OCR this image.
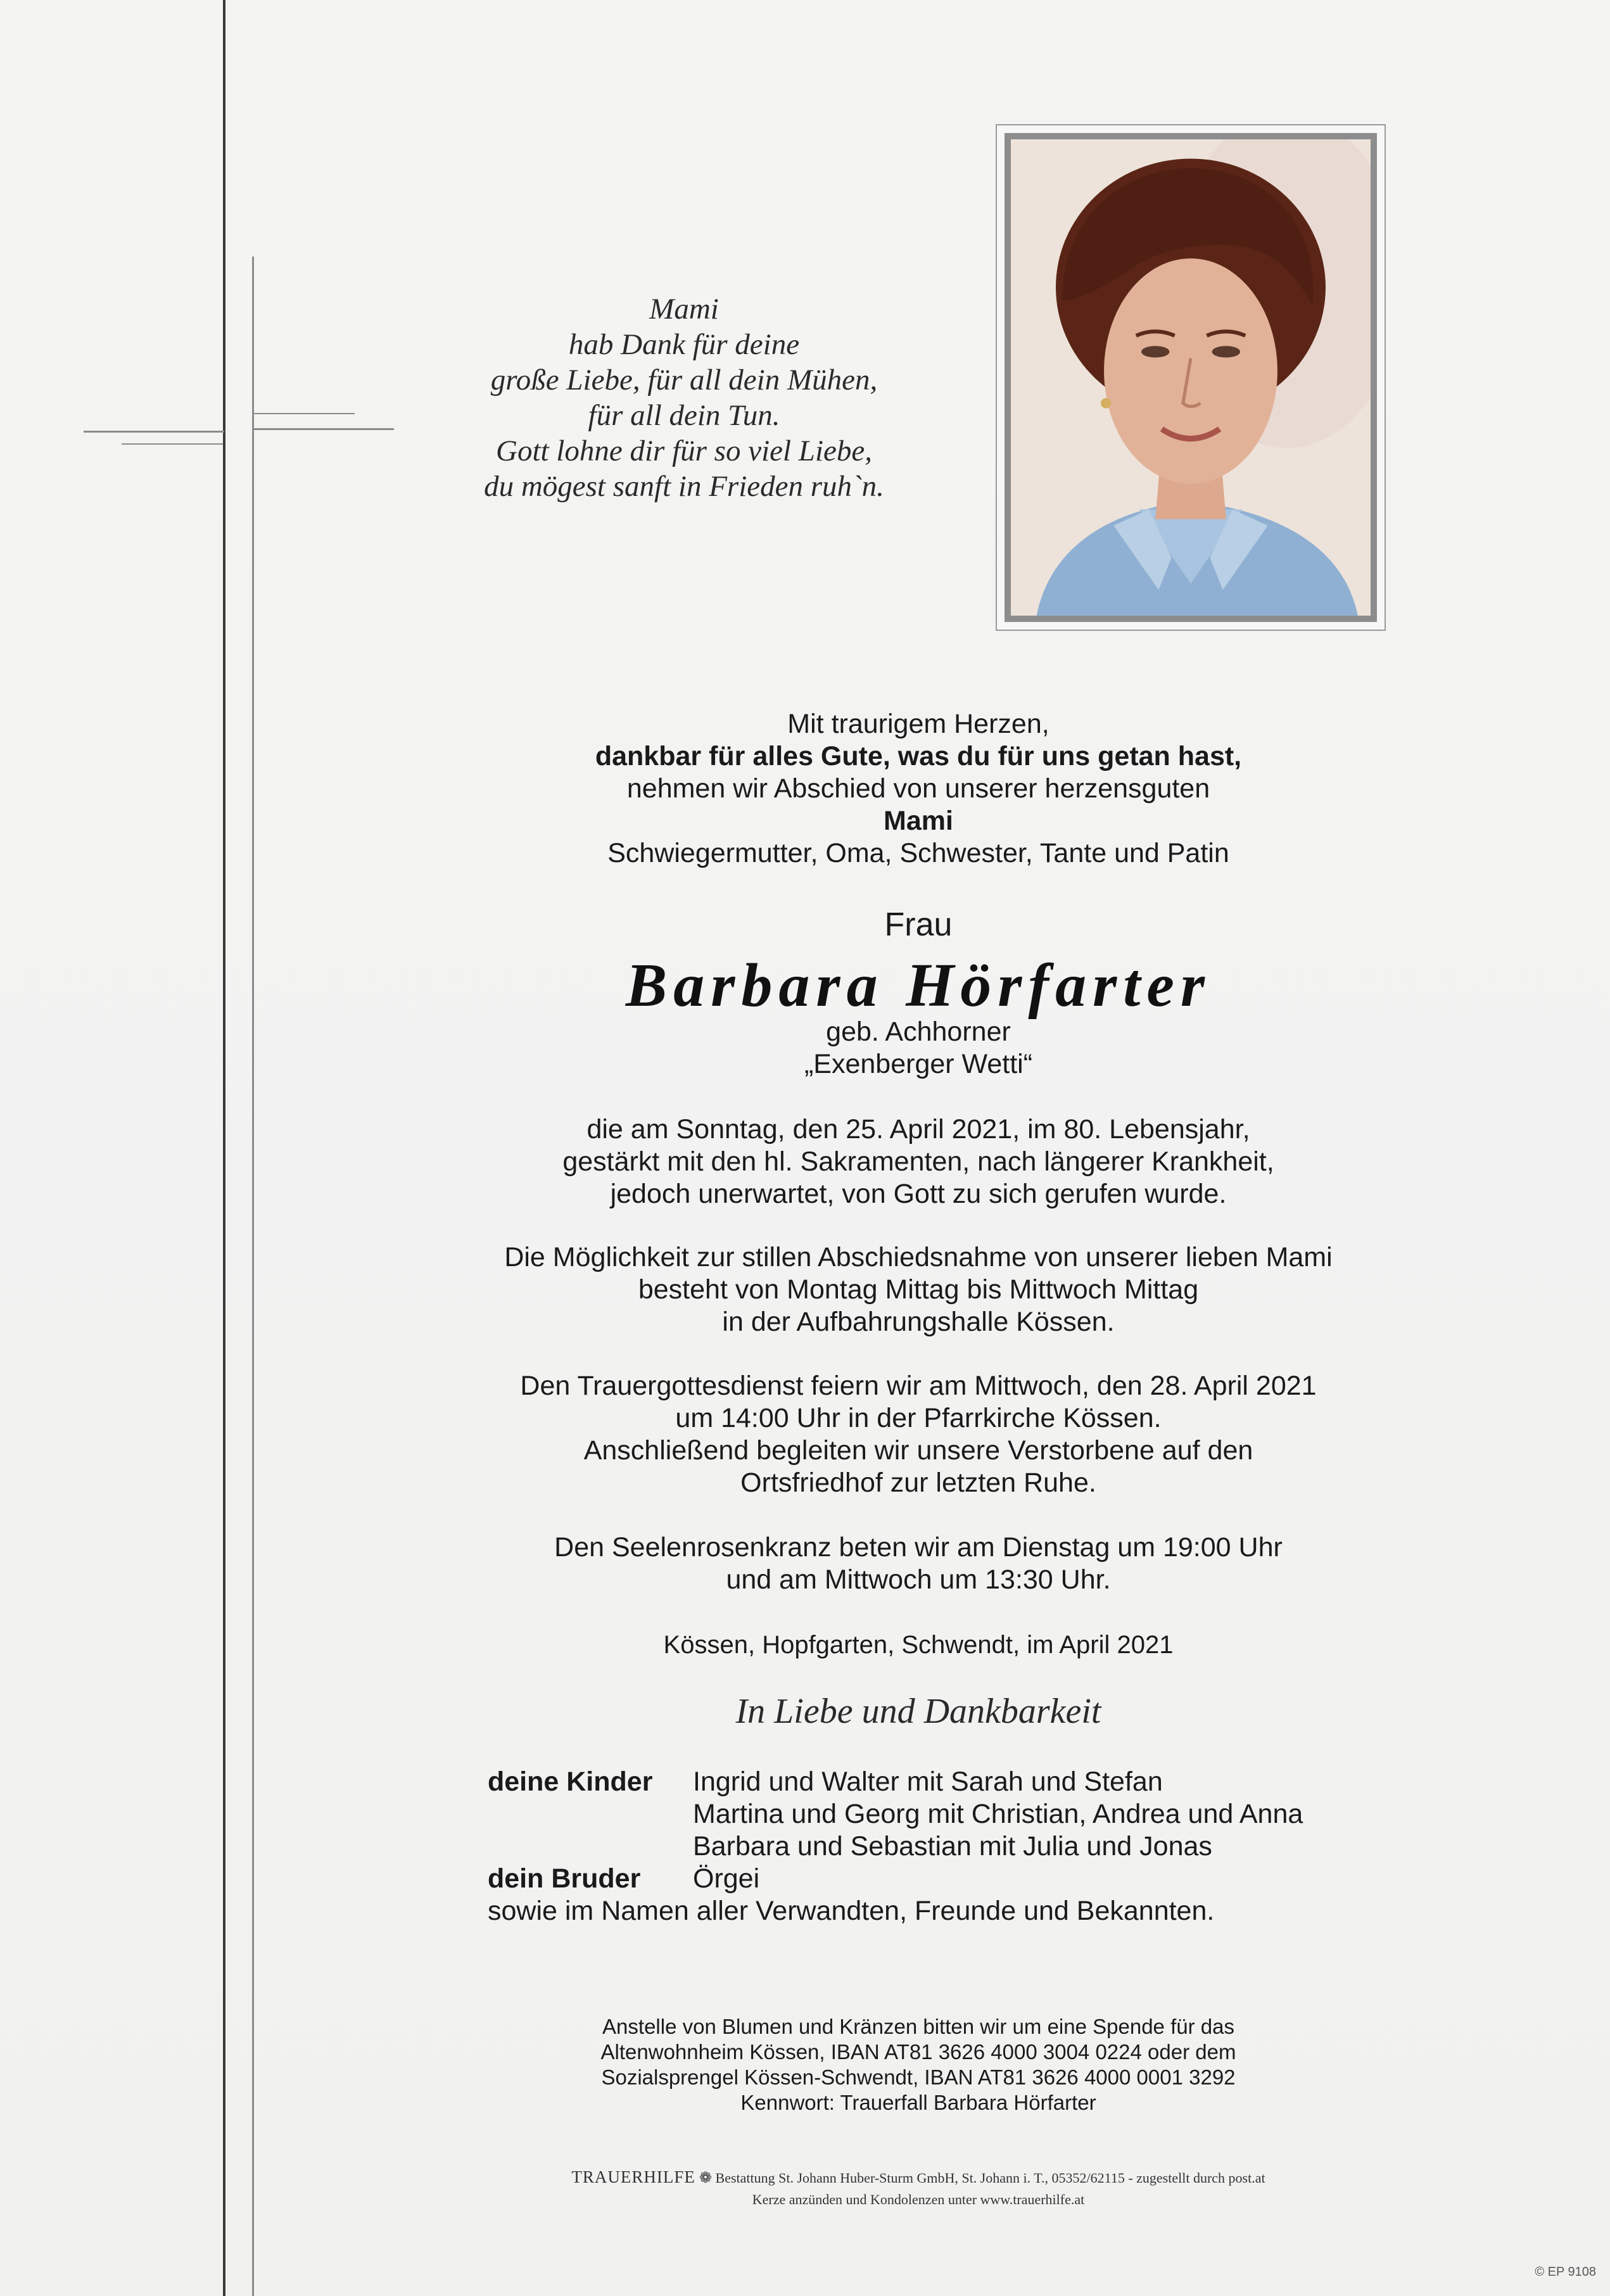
Mami
hab Dank für deine
große Liebe, für all dein Mühen,
für all dein Tun.
Gott lohne dir für so viel Liebe,
du mögest sanft in Frieden ruh`n.
Mit traurigem Herzen,
dankbar für alles Gute, was du für uns getan hast,
nehmen wir Abschied von unserer herzensguten
Mami
Schwiegermutter, Oma, Schwester, Tante und Patin
Frau
Barbara Hörfarter
geb. Achhorner
„Exenberger Wetti“
die am Sonntag, den 25. April 2021, im 80. Lebensjahr,
gestärkt mit den hl. Sakramenten, nach längerer Krankheit,
jedoch unerwartet, von Gott zu sich gerufen wurde.
Die Möglichkeit zur stillen Abschiedsnahme von unserer lieben Mami
besteht von Montag Mittag bis Mittwoch Mittag
in der Aufbahrungshalle Kössen.
Den Trauergottesdienst feiern wir am Mittwoch, den 28. April 2021
um 14:00 Uhr in der Pfarrkirche Kössen.
Anschließend begleiten wir unsere Verstorbene auf den
Ortsfriedhof zur letzten Ruhe.
Den Seelenrosenkranz beten wir am Dienstag um 19:00 Uhr
und am Mittwoch um 13:30 Uhr.
Kössen, Hopfgarten, Schwendt, im April 2021
In Liebe und Dankbarkeit
deine Kinder	Ingrid und Walter mit Sarah und Stefan
Martina und Georg mit Christian, Andrea und Anna
Barbara und Sebastian mit Julia und Jonas
dein Bruder	Örgei
sowie im Namen aller Verwandten, Freunde und Bekannten.
Anstelle von Blumen und Kränzen bitten wir um eine Spende für das
Altenwohnheim Kössen, IBAN AT81 3626 4000 3004 0224 oder dem
Sozialsprengel Kössen-Schwendt, IBAN AT81 3626 4000 0001 3292
Kennwort: Trauerfall Barbara Hörfarter
TRAUERHILFE ❁ Bestattung St. Johann Huber-Sturm GmbH, St. Johann i. T., 05352/62115 - zugestellt durch post.at
Kerze anzünden und Kondolenzen unter www.trauerhilfe.at
© EP 9108
